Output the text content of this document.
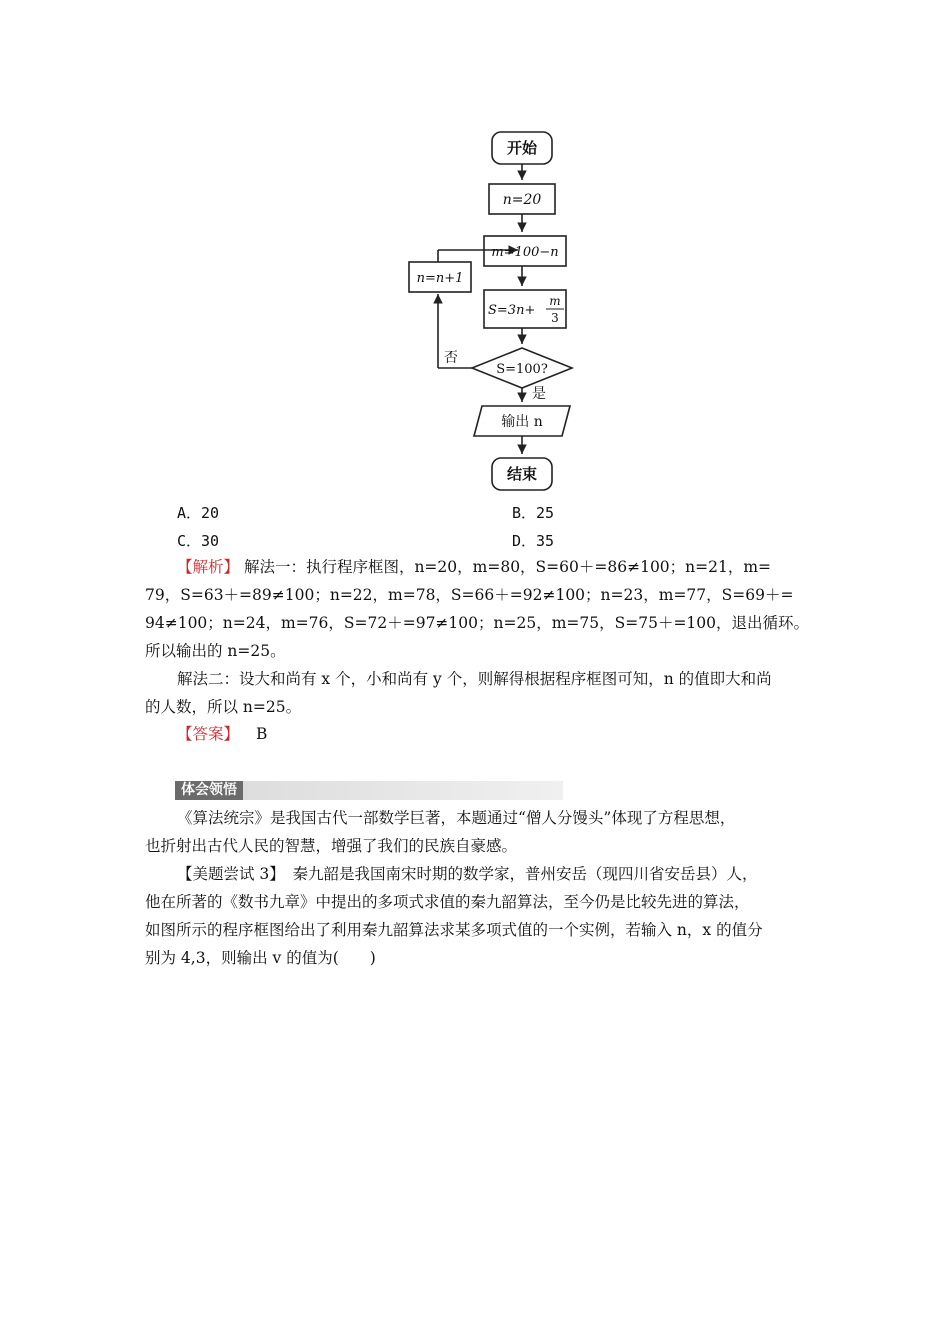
开始
n=20
m=100−n
S=3n+
m
3
S=100?
是
否
n=n+1
输出 n
结束
A．20	B．25
C．30	D．35
【解析】 解法一：执行程序框图，n=20，m=80，S=60＋=86≠100；n=21，m=
79，S=63＋=89≠100；n=22，m=78，S=66＋=92≠100；n=23，m=77，S=69＋=
94≠100；n=24，m=76，S=72＋=97≠100；n=25，m=75，S=75＋=100，退出循环。
所以输出的 n=25。
解法二：设大和尚有 x 个，小和尚有 y 个，则解得根据程序框图可知，n 的值即大和尚
的人数，所以 n=25。
【答案】 B
体会领悟
《算法统宗》是我国古代一部数学巨著，本题通过“僧人分馒头”体现了方程思想，
也折射出古代人民的智慧，增强了我们的民族自豪感。
【美题尝试 3】　秦九韶是我国南宋时期的数学家，普州安岳（现四川省安岳县）人，
他在所著的《数书九章》中提出的多项式求值的秦九韶算法，至今仍是比较先进的算法，
如图所示的程序框图给出了利用秦九韶算法求某多项式值的一个实例，若输入 n，x 的值分
别为 4,3，则输出 v 的值为(　　)
